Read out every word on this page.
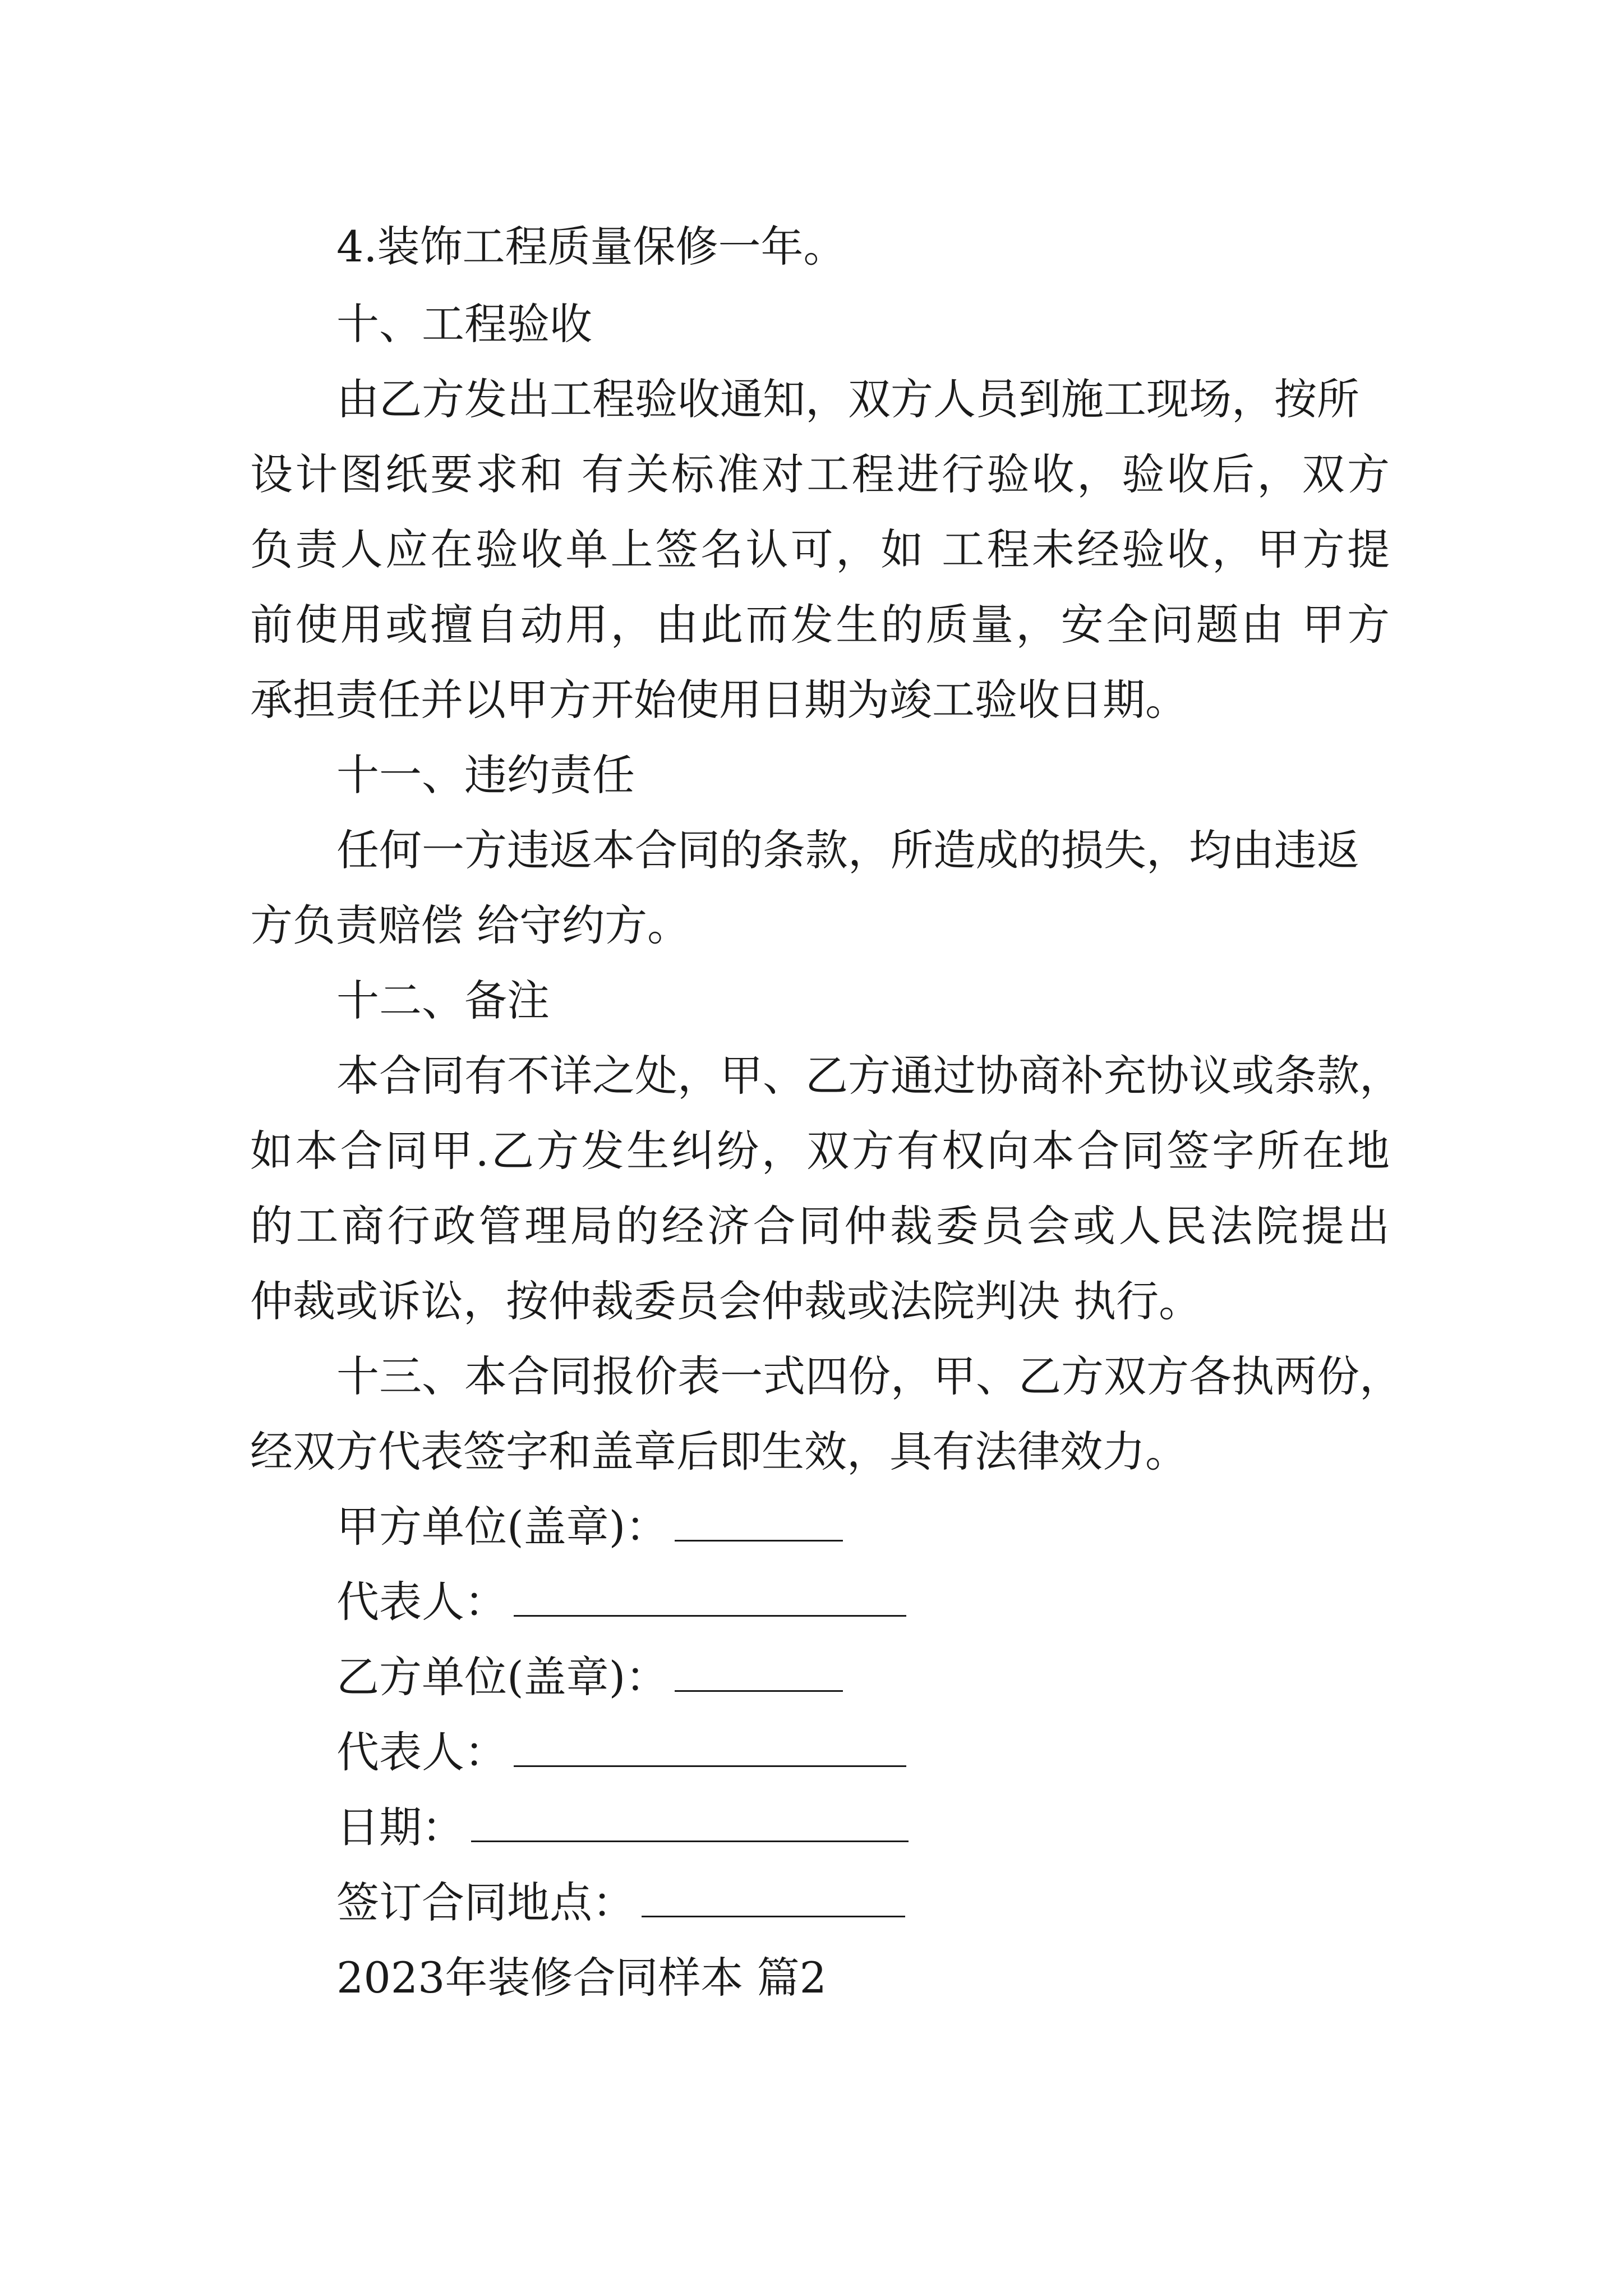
4.装饰工程质量保修一年。

十、工程验收

由乙方发出工程验收通知，双方人员到施工现场，按所

设计图纸要求和 有关标准对工程进行验收，验收后，双方

负责人应在验收单上签名认可，如 工程未经验收，甲方提

前使用或擅自动用，由此而发生的质量，安全问题由 甲方

承担责任并以甲方开始使用日期为竣工验收日期。

十一、违约责任

任何一方违返本合同的条款，所造成的损失，均由违返

方负责赔偿 给守约方。

十二、备注

本合同有不详之处，甲、乙方通过协商补充协议或条款，

如本合同甲.乙方发生纠纷，双方有权向本合同签字所在地

的工商行政管理局的经济合同仲裁委员会或人民法院提出

仲裁或诉讼，按仲裁委员会仲裁或法院判决 执行。

十三、本合同报价表一式四份，甲、乙方双方各执两份，

经双方代表签字和盖章后即生效，具有法律效力。

甲方单位(盖章)：
代表人：
乙方单位(盖章)：
代表人：
日期：
签订合同地点：

2023年装修合同样本 篇2
